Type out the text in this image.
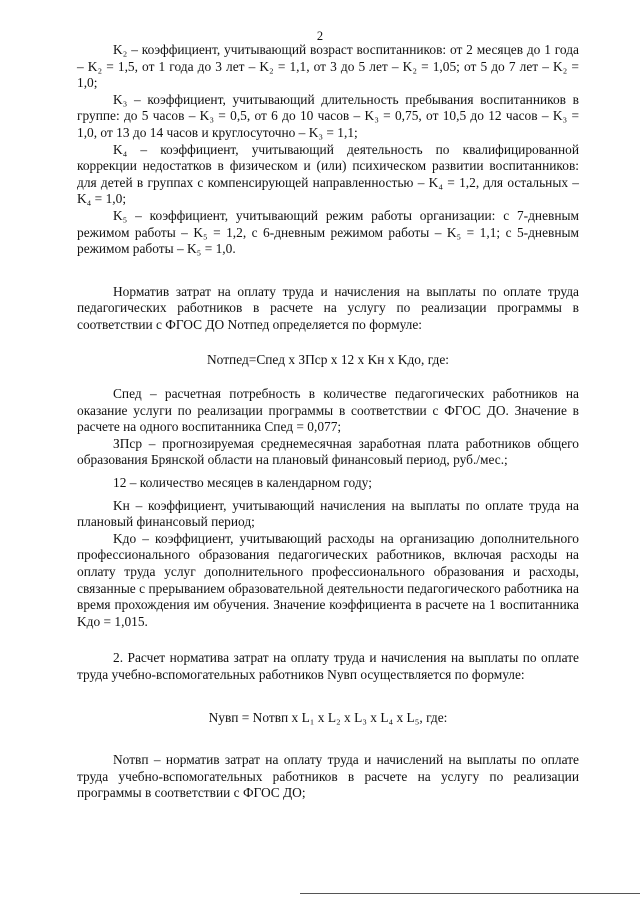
2

K₂ – коэффициент, учитывающий возраст воспитанников: от 2 месяцев до 1 года – K₂ = 1,5, от 1 года до 3 лет – K₂ = 1,1, от 3 до 5 лет – K₂ = 1,05; от 5 до 7 лет – K₂ = 1,0;

K₃ – коэффициент, учитывающий длительность пребывания воспитанников в группе: до 5 часов – K₃ = 0,5, от 6 до 10 часов – K₃ = 0,75, от 10,5 до 12 часов – K₃ = 1,0, от 13 до 14 часов и круглосуточно – K₃ = 1,1;

K₄ – коэффициент, учитывающий деятельность по квалифицированной коррекции недостатков в физическом и (или) психическом развитии воспитанников: для детей в группах с компенсирующей направленностью – K₄ = 1,2, для остальных – K₄ = 1,0;

K₅ – коэффициент, учитывающий режим работы организации: с 7-дневным режимом работы – K₅ = 1,2, с 6-дневным режимом работы – K₅ = 1,1; с 5-дневным режимом работы – K₅ = 1,0.

Норматив затрат на оплату труда и начисления на выплаты по оплате труда педагогических работников в расчете на услугу по реализации программы в соответствии с ФГОС ДО Nотпед определяется по формуле:

Nотпед=Cпед x ЗПср x 12 x Kн x Kдо, где:

Cпед – расчетная потребность в количестве педагогических работников на оказание услуги по реализации программы в соответствии с ФГОС ДО. Значение в расчете на одного воспитанника Cпед = 0,077;

ЗПср – прогнозируемая среднемесячная заработная плата работников общего образования Брянской области на плановый финансовый период, руб./мес.;

12 – количество месяцев в календарном году;

Kн – коэффициент, учитывающий начисления на выплаты по оплате труда на плановый финансовый период;

Kдо – коэффициент, учитывающий расходы на организацию дополнительного профессионального образования педагогических работников, включая расходы на оплату труда услуг дополнительного профессионального образования и расходы, связанные с прерыванием образовательной деятельности педагогического работника на время прохождения им обучения. Значение коэффициента в расчете на 1 воспитанника Kдо = 1,015.

2. Расчет норматива затрат на оплату труда и начисления на выплаты по оплате труда учебно-вспомогательных работников Nувп осуществляется по формуле:

Nувп = Nотвп x L₁ x L₂ x L₃ x L₄ x L₅, где:

Nотвп – норматив затрат на оплату труда и начислений на выплаты по оплате труда учебно-вспомогательных работников в расчете на услугу по реализации программы в соответствии с ФГОС ДО;
